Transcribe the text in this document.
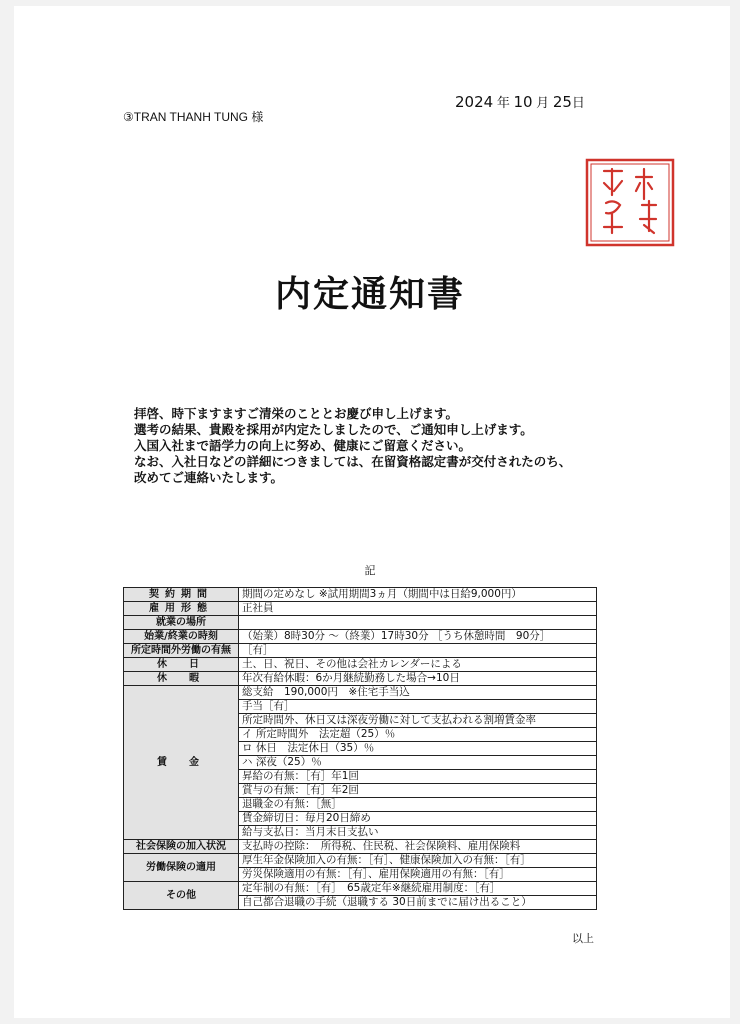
③TRAN THANH TUNG 様
2024 年 10 月 25日
内定通知書
拝啓、時下ますますご清栄のこととお慶び申し上げます。
選考の結果、貴殿を採用が内定たしましたので、ご通知申し上げます。
入国入社まで語学力の向上に努め、健康にご留意ください。
なお、入社日などの詳細につきましては、在留資格認定書が交付されたのち、
改めてご連絡いたします。
記
契約期間	期間の定めなし ※試用期間3ヵ月（期間中は日給9,000円）
雇用形態	正社員
就業の場所	
始業/終業の時刻	（始業）8時30分 ～（終業）17時30分 ［うち休憩時間　90分］
所定時間外労働の有無	［有］
休　日	土、日、祝日、その他は会社カレンダーによる
休　暇	年次有給休暇：6か月継続勤務した場合→10日
賃　金	総支給　190,000円　※住宅手当込
	手当［有］
	所定時間外、休日又は深夜労働に対して支払われる割増賃金率
	イ 所定時間外　法定超（25）％
	ロ 休日　法定休日（35）％
	ハ 深夜（25）％
	昇給の有無：［有］年1回
	賞与の有無：［有］年2回
	退職金の有無：［無］
	賃金締切日：毎月20日締め
	給与支払日：当月末日支払い
社会保険の加入状況	支払時の控除：　所得税、住民税、社会保険料、雇用保険料
労働保険の適用	厚生年金保険加入の有無：［有］、健康保険加入の有無：［有］
	労災保険適用の有無：［有］、雇用保険適用の有無：［有］
その他	定年制の有無：［有］　65歳定年※継続雇用制度：［有］
	自己都合退職の手続（退職する 30日前までに届け出ること）
以上
